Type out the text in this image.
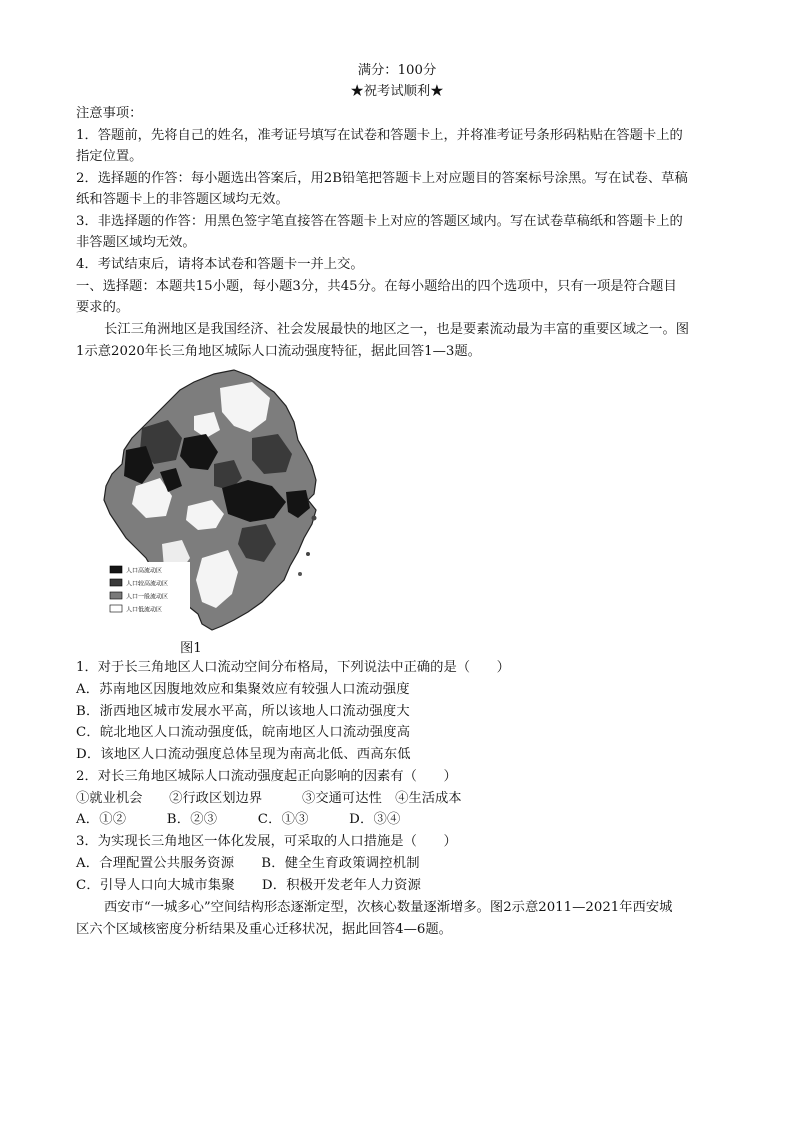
满分：100分
★祝考试顺利★
注意事项：
1．答题前，先将自己的姓名，准考证号填写在试卷和答题卡上，并将准考证号条形码粘贴在答题卡上的
指定位置。
2．选择题的作答：每小题选出答案后，用2B铅笔把答题卡上对应题目的答案标号涂黑。写在试卷、草稿
纸和答题卡上的非答题区域均无效。
3．非选择题的作答：用黑色签字笔直接答在答题卡上对应的答题区域内。写在试卷草稿纸和答题卡上的
非答题区域均无效。
4．考试结束后，请将本试卷和答题卡一并上交。
一、选择题：本题共15小题，每小题3分，共45分。在每小题给出的四个选项中，只有一项是符合题目
要求的。
长江三角洲地区是我国经济、社会发展最快的地区之一，也是要素流动最为丰富的重要区域之一。图
1示意2020年长三角地区城际人口流动强度特征，据此回答1—3题。
人口高流动区
人口较高流动区
人口一般流动区
人口低流动区
图1
1．对于长三角地区人口流动空间分布格局，下列说法中正确的是（　　）
A．苏南地区因腹地效应和集聚效应有较强人口流动强度
B．浙西地区城市发展水平高，所以该地人口流动强度大
C．皖北地区人口流动强度低，皖南地区人口流动强度高
D．该地区人口流动强度总体呈现为南高北低、西高东低
2．对长三角地区城际人口流动强度起正向影响的因素有（　　）
①就业机会　　②行政区划边界　　　③交通可达性　④生活成本
A．①②　　　B．②③　　　C．①③　　　D．③④
3．为实现长三角地区一体化发展，可采取的人口措施是（　　）
A．合理配置公共服务资源　　B．健全生育政策调控机制
C．引导人口向大城市集聚　　D．积极开发老年人力资源
西安市“一城多心”空间结构形态逐渐定型，次核心数量逐渐增多。图2示意2011—2021年西安城
区六个区域核密度分析结果及重心迁移状况，据此回答4—6题。
